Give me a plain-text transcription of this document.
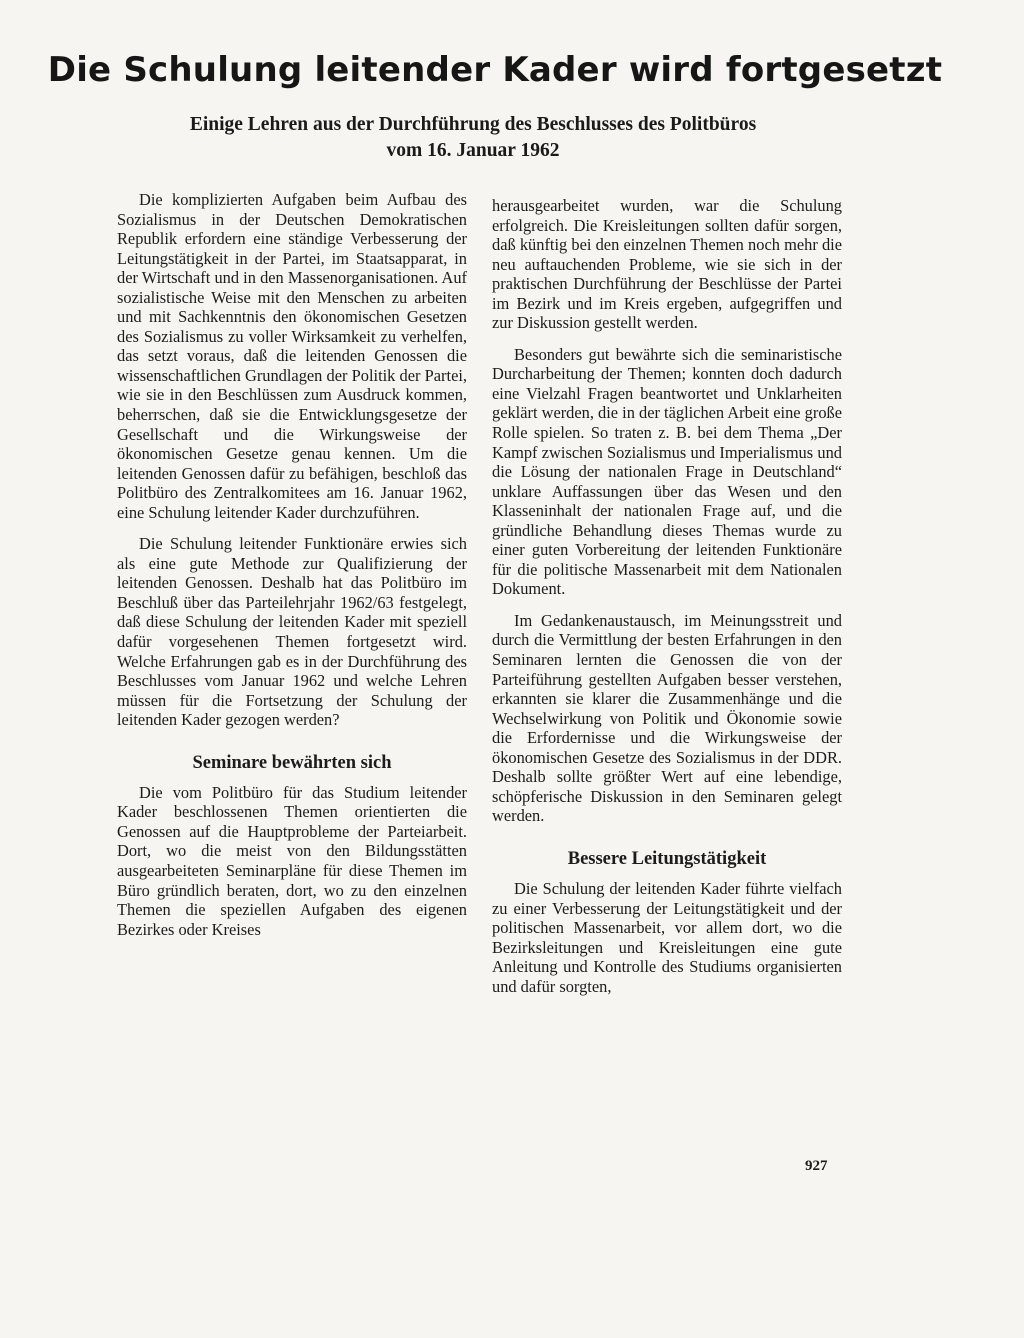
Die Schulung leitender Kader wird fortgesetzt
Einige Lehren aus der Durchführung des Beschlusses des Politbüros
vom 16. Januar 1962

Die komplizierten Aufgaben beim Aufbau des Sozialismus in der Deutschen Demokratischen Republik erfordern eine ständige Verbesserung der Leitungstätigkeit in der Partei, im Staatsapparat, in der Wirtschaft und in den Massenorganisationen. Auf sozialistische Weise mit den Menschen zu arbeiten und mit Sachkenntnis den ökonomischen Gesetzen des Sozialismus zu voller Wirksamkeit zu verhelfen, das setzt voraus, daß die leitenden Genossen die wissenschaftlichen Grundlagen der Politik der Partei, wie sie in den Beschlüssen zum Ausdruck kommen, beherrschen, daß sie die Entwicklungsgesetze der Gesellschaft und die Wirkungsweise der ökonomischen Gesetze genau kennen. Um die leitenden Genossen dafür zu befähigen, beschloß das Politbüro des Zentralkomitees am 16. Januar 1962, eine Schulung leitender Kader durchzuführen.

Die Schulung leitender Funktionäre erwies sich als eine gute Methode zur Qualifizierung der leitenden Genossen. Deshalb hat das Politbüro im Beschluß über das Parteilehrjahr 1962/63 festgelegt, daß diese Schulung der leitenden Kader mit speziell dafür vorgesehenen Themen fortgesetzt wird. Welche Erfahrungen gab es in der Durchführung des Beschlusses vom Januar 1962 und welche Lehren müssen für die Fortsetzung der Schulung der leitenden Kader gezogen werden?

Seminare bewährten sich

Die vom Politbüro für das Studium leitender Kader beschlossenen Themen orientierten die Genossen auf die Hauptprobleme der Parteiarbeit. Dort, wo die meist von den Bildungsstätten ausgearbeiteten Seminarpläne für diese Themen im Büro gründlich beraten, dort, wo zu den einzelnen Themen die speziellen Aufgaben des eigenen Bezirkes oder Kreises

herausgearbeitet wurden, war die Schulung erfolgreich. Die Kreisleitungen sollten dafür sorgen, daß künftig bei den einzelnen Themen noch mehr die neu auftauchenden Probleme, wie sie sich in der praktischen Durchführung der Beschlüsse der Partei im Bezirk und im Kreis ergeben, aufgegriffen und zur Diskussion gestellt werden.

Besonders gut bewährte sich die seminaristische Durcharbeitung der Themen; konnten doch dadurch eine Vielzahl Fragen beantwortet und Unklarheiten geklärt werden, die in der täglichen Arbeit eine große Rolle spielen. So traten z. B. bei dem Thema „Der Kampf zwischen Sozialismus und Imperialismus und die Lösung der nationalen Frage in Deutschland“ unklare Auffassungen über das Wesen und den Klasseninhalt der nationalen Frage auf, und die gründliche Behandlung dieses Themas wurde zu einer guten Vorbereitung der leitenden Funktionäre für die politische Massenarbeit mit dem Nationalen Dokument.

Im Gedankenaustausch, im Meinungsstreit und durch die Vermittlung der besten Erfahrungen in den Seminaren lernten die Genossen die von der Parteiführung gestellten Aufgaben besser verstehen, erkannten sie klarer die Zusammenhänge und die Wechselwirkung von Politik und Ökonomie sowie die Erfordernisse und die Wirkungsweise der ökonomischen Gesetze des Sozialismus in der DDR. Deshalb sollte größter Wert auf eine lebendige, schöpferische Diskussion in den Seminaren gelegt werden.

Bessere Leitungstätigkeit

Die Schulung der leitenden Kader führte vielfach zu einer Verbesserung der Leitungstätigkeit und der politischen Massenarbeit, vor allem dort, wo die Bezirksleitungen und Kreisleitungen eine gute Anleitung und Kontrolle des Studiums organisierten und dafür sorgten,

927
